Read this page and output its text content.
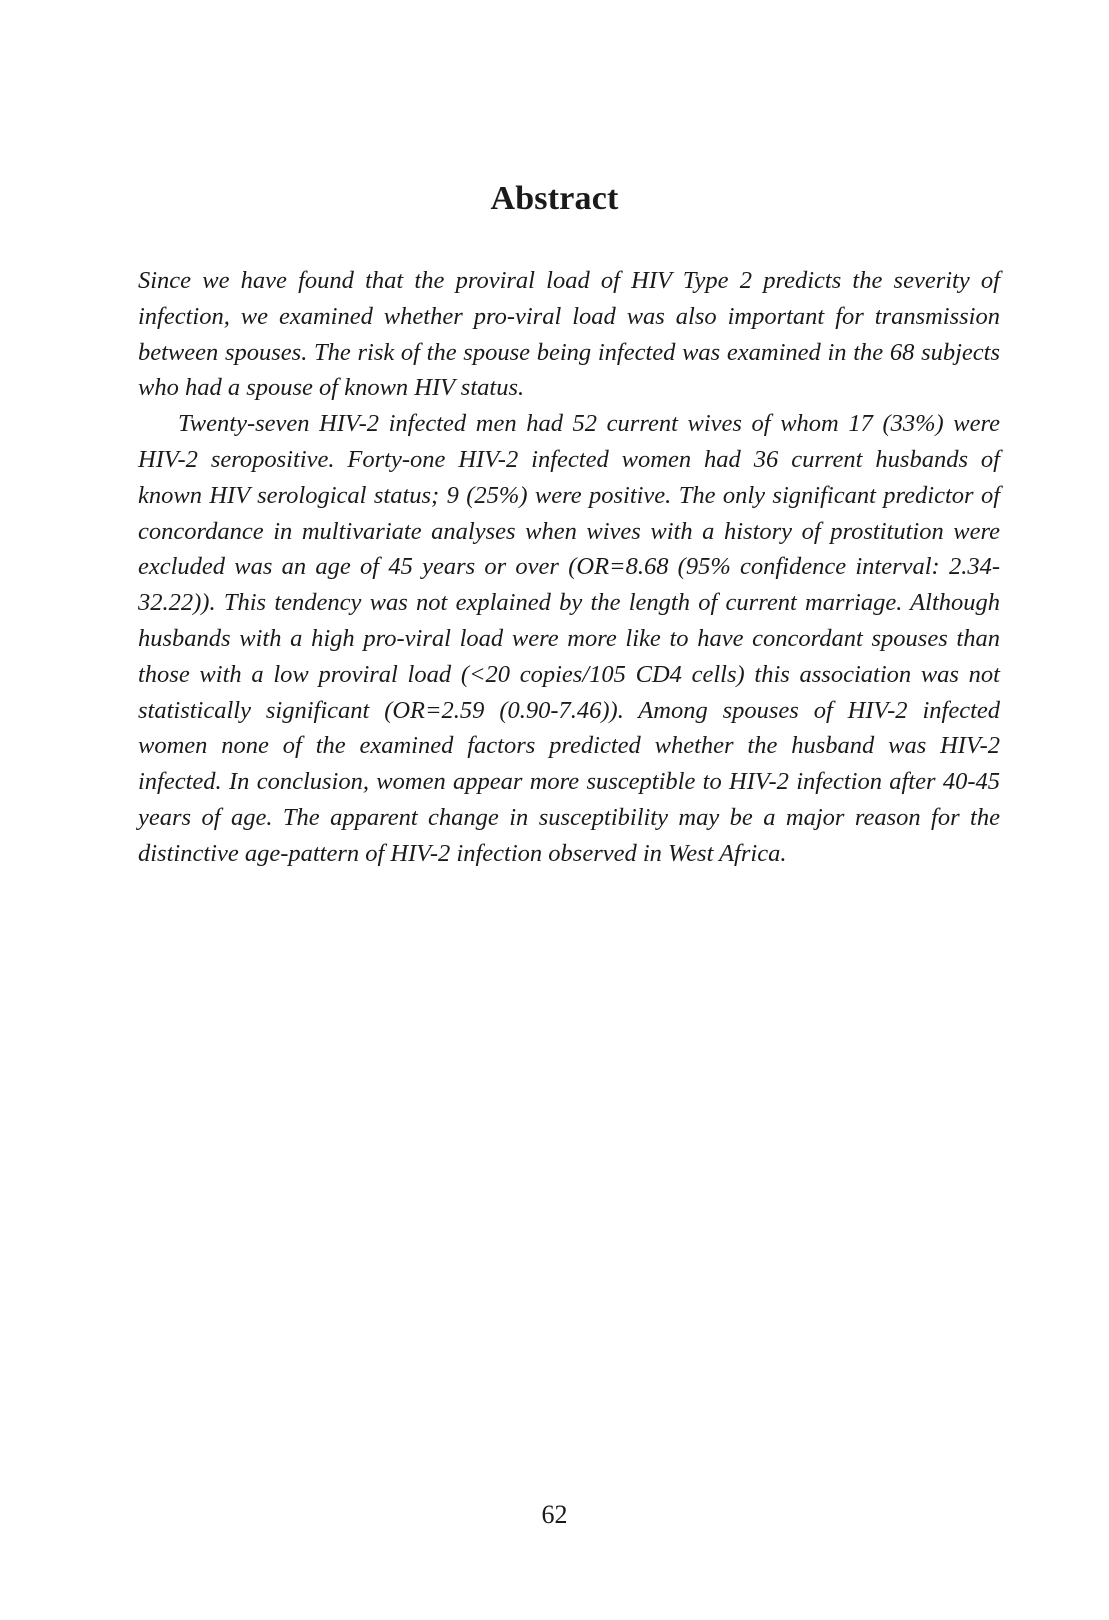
Abstract

Since we have found that the proviral load of HIV Type 2 predicts the severity of infection, we examined whether pro-viral load was also important for transmission between spouses. The risk of the spouse being infected was examined in the 68 subjects who had a spouse of known HIV status.

Twenty-seven HIV-2 infected men had 52 current wives of whom 17 (33%) were HIV-2 seropositive. Forty-one HIV-2 infected women had 36 current husbands of known HIV serological status; 9 (25%) were positive. The only significant predictor of concordance in multivariate analyses when wives with a history of prostitution were excluded was an age of 45 years or over (OR=8.68 (95% confidence interval: 2.34-32.22)). This tendency was not explained by the length of current marriage. Although husbands with a high pro-viral load were more like to have concordant spouses than those with a low proviral load (<20 copies/105 CD4 cells) this association was not statistically significant (OR=2.59 (0.90-7.46)). Among spouses of HIV-2 infected women none of the examined factors predicted whether the husband was HIV-2 infected. In conclusion, women appear more susceptible to HIV-2 infection after 40-45 years of age. The apparent change in susceptibility may be a major reason for the distinctive age-pattern of HIV-2 infection observed in West Africa.

62
